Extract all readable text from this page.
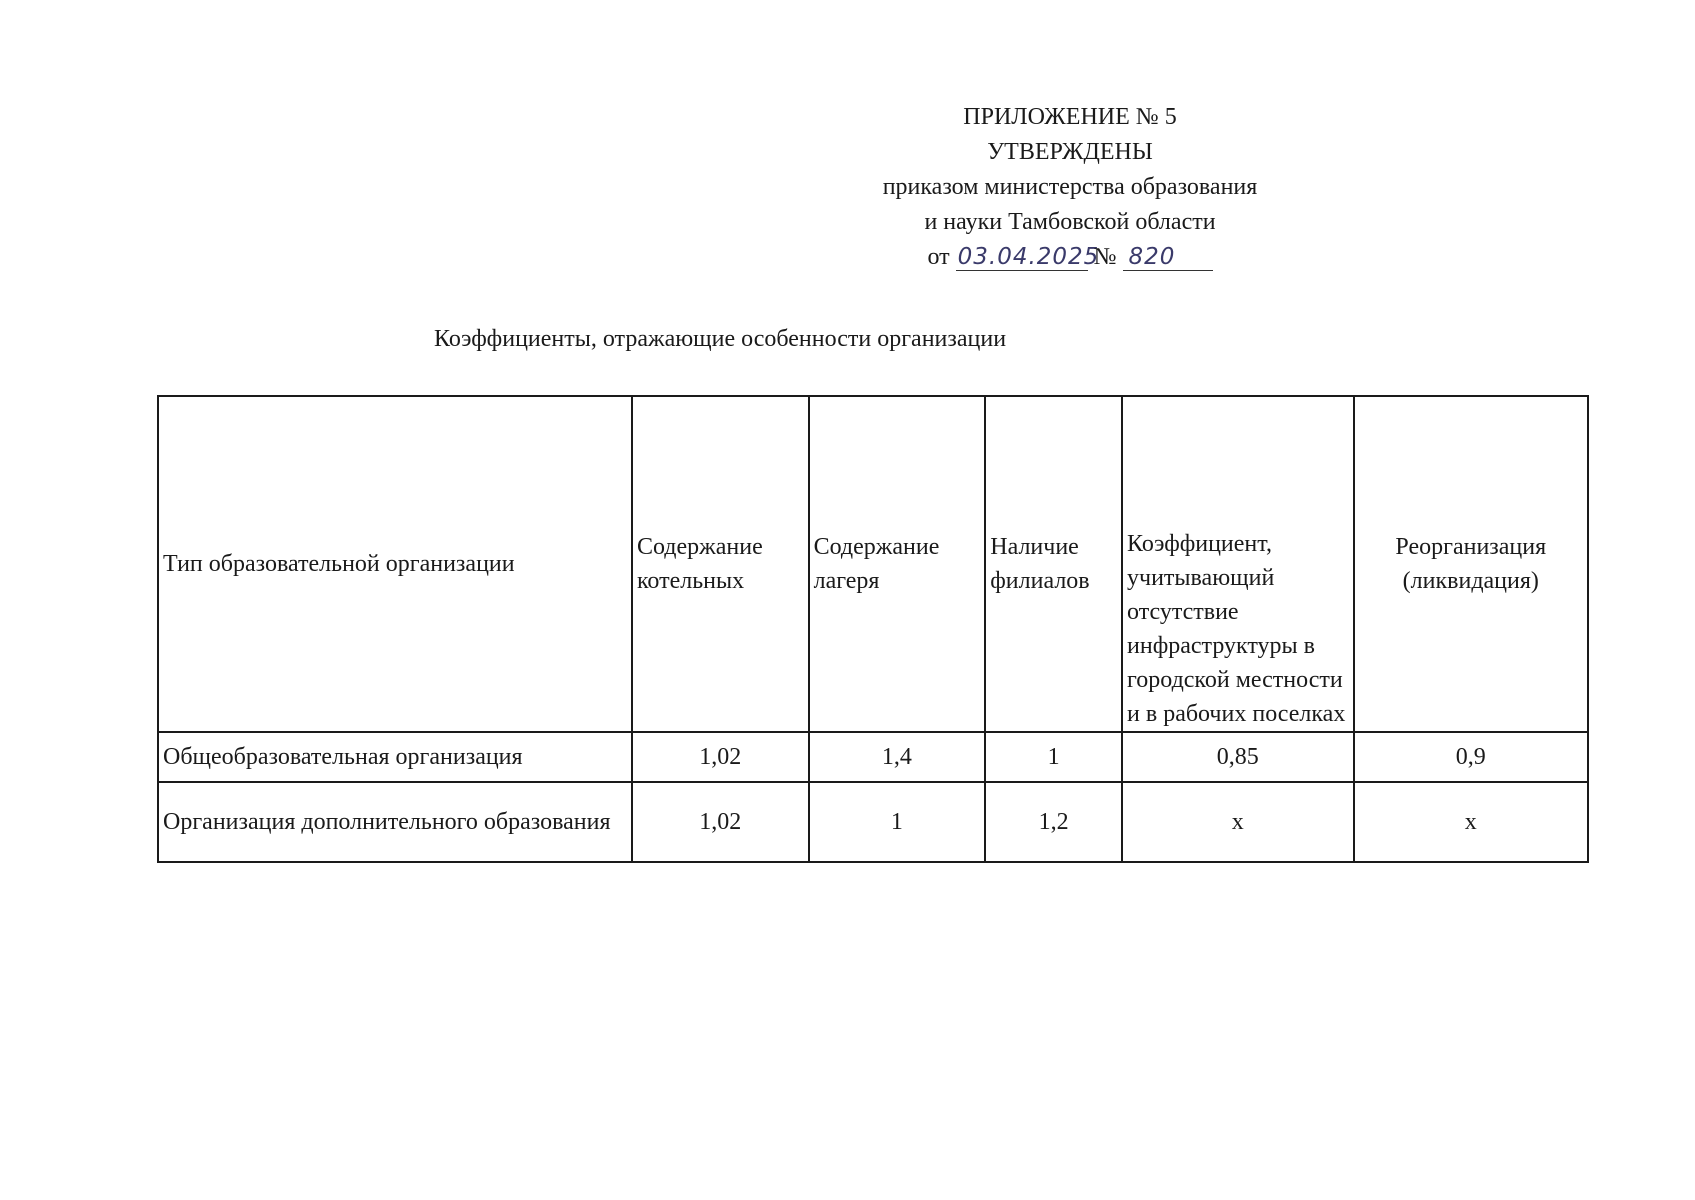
ПРИЛОЖЕНИЕ № 5
УТВЕРЖДЕНЫ
приказом министерства образования
и науки Тамбовской области
от 03.04.2025 № 820
Коэффициенты, отражающие особенности организации
Тип образовательной организации	Содержание котельных	Содержание лагеря	Наличие филиалов	Коэффициент, учитывающий отсутствие инфраструктуры в городской местности и в рабочих поселках	Реорганизация (ликвидация)
Общеобразовательная организация	1,02	1,4	1	0,85	0,9
Организация дополнительного образования	1,02	1	1,2	х	х
